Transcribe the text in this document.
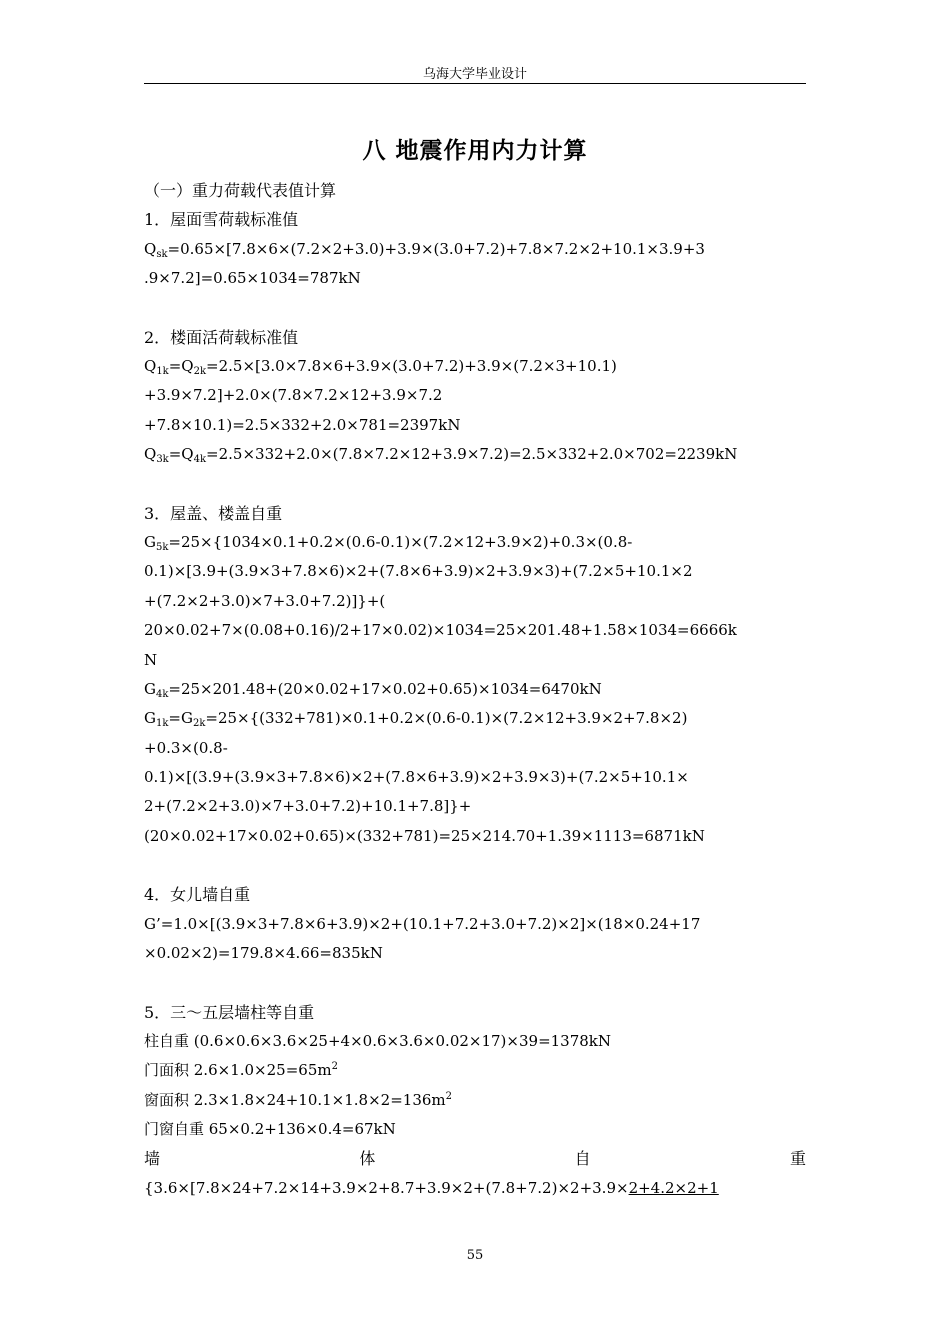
乌海大学毕业设计
八 地震作用内力计算
（一）重力荷载代表值计算
1．屋面雪荷载标准值
$Q_{sk}=0.65\times[7.8\times 6\times(7.2\times 2+3.0)+3.9\times(3.0+7.2)+7.8\times 7.2\times 2+10.1\times 3.9+3$
.9×7.2]=0.65×1034=787kN
2．楼面活荷载标准值
$Q_{1k}=Q_{2k}=2.5\times[3.0\times 7.8\times 6+3.9\times(3.0+7.2)+3.9\times(7.2\times 3+10.1)$
+3.9×7.2]+2.0×(7.8×7.2×12+3.9×7.2
+7.8×10.1)=2.5×332+2.0×781=2397kN
$Q_{3k}=Q_{4k}=2.5\times 332+2.0\times(7.8\times 7.2\times 12+3.9\times 7.2)=2.5\times 332+2.0\times 702=2239kN$
3．屋盖、楼盖自重
$G_{5k}=25\times\{1034\times 0.1+0.2\times(0.6-0.1)\times(7.2\times 12+3.9\times 2)+0.3\times(0.8-$
0.1)×[3.9+(3.9×3+7.8×6)×2+(7.8×6+3.9)×2+3.9×3)+(7.2×5+10.1×2
+(7.2×2+3.0)×7+3.0+7.2)]}+(
20×0.02+7×(0.08+0.16)/2+17×0.02)×1034=25×201.48+1.58×1034=6666k
N
$G_{4k}=25\times 201.48+(20\times 0.02+17\times 0.02+0.65)\times 1034=6470kN$
$G_{1k}=G_{2k}=25\times\{(332+781)\times 0.1+0.2\times(0.6-0.1)\times(7.2\times 12+3.9\times 2+7.8\times 2)$
+0.3×(0.8-
0.1)×[(3.9+(3.9×3+7.8×6)×2+(7.8×6+3.9)×2+3.9×3)+(7.2×5+10.1×
2+(7.2×2+3.0)×7+3.0+7.2)+10.1+7.8]}+
(20×0.02+17×0.02+0.65)×(332+781)=25×214.70+1.39×1113=6871kN
4．女儿墙自重
G’=1.0×[(3.9×3+7.8×6+3.9)×2+(10.1+7.2+3.0+7.2)×2]×(18×0.24+17
×0.02×2)=179.8×4.66=835kN
5．三～五层墙柱等自重
柱自重 (0.6×0.6×3.6×25+4×0.6×3.6×0.02×17)×39=1378kN
门面积 $2.6\times 1.0\times 25=65m^2$
窗面积 $2.3\times 1.8\times 24+10.1\times 1.8\times 2=136m^2$
门窗自重 65×0.2+136×0.4=67kN
墙	体	自	重
{3.6×[7.8×24+7.2×14+3.9×2+8.7+3.9×2+(7.8+7.2)×2+3.9×2+4.2×2+1
55
